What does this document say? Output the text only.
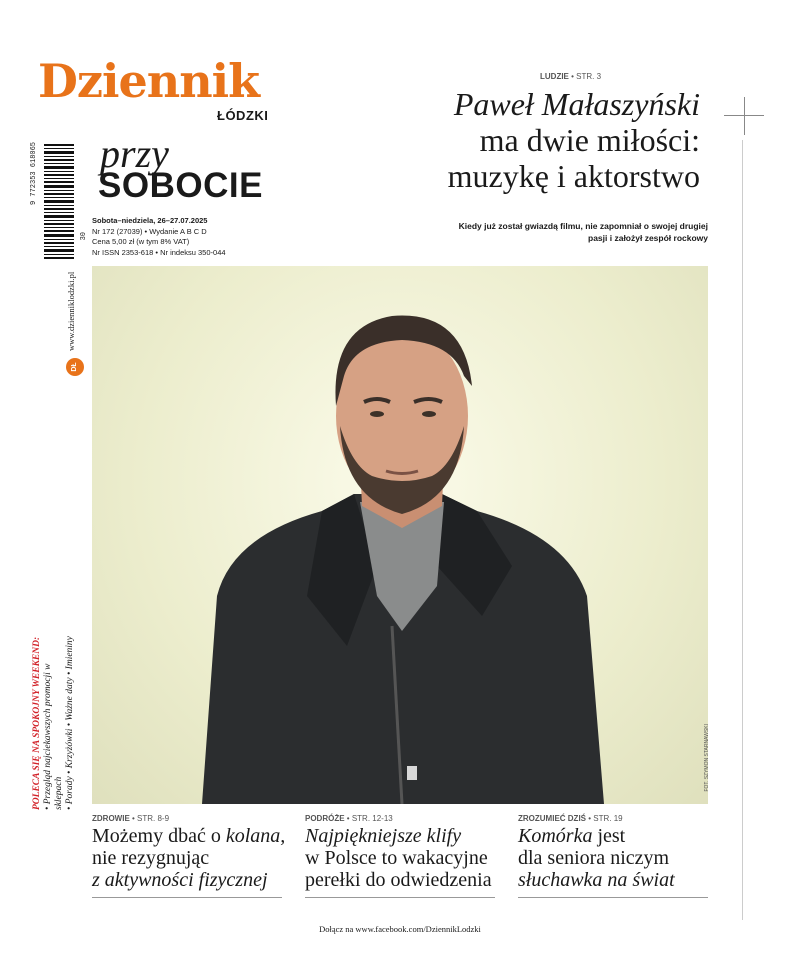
Dziennik
ŁÓDZKI
9 772353 618065
30
przy
SOBOCIE
Sobota–niedziela, 26–27.07.2025
Nr 172 (27039) • Wydanie A B C D
Cena 5,00 zł (w tym 8% VAT)
Nr ISSN 2353-618 • Nr indeksu 350-044
DŁ
www.dzienniklodzki.pl
LUDZIE • STR. 3
Paweł Małaszyński
ma dwie miłości:
muzykę i aktorstwo
Kiedy już został gwiazdą filmu, nie zapomniał o swojej drugiej
pasji i założył zespół rockowy
FOT. SZYMON STARNAWSKI
POLECA SIĘ NA SPOKOJNY WEEKEND: • Przegląd najciekawszych promocji w sklepach • Porady • Krzyżówki • Ważne daty • Imieniny
ZDROWIE • STR. 8-9
Możemy dbać o kolana,
nie rezygnując
z aktywności fizycznej
PODRÓŻE • STR. 12-13
Najpiękniejsze klify
w Polsce to wakacyjne
perełki do odwiedzenia
ZROZUMIEĆ DZIŚ • STR. 19
Komórka jest
dla seniora niczym
słuchawka na świat
Dołącz na www.facebook.com/DziennikLodzki
